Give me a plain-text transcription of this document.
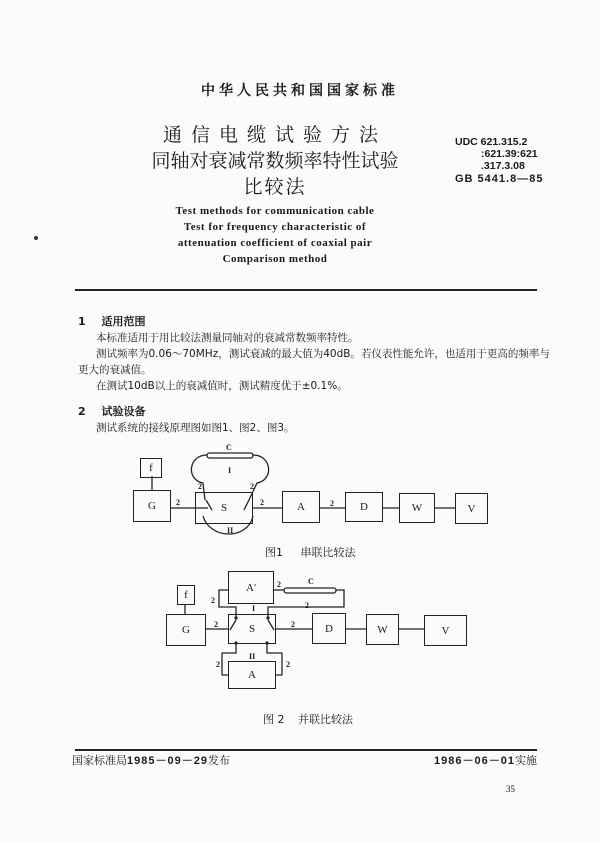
中华人民共和国国家标准
通信电缆试验方法
同轴对衰减常数频率特性试验
比较法
UDC 621.315.2
:621.39:621
.317.3.08
GB 5441.8—85
Test methods for communication cable
Test for frequency characteristic of
attenuation coefficient of coaxial pair
Comparison method
1 适用范围
本标准适用于用比较法测量同轴对的衰减常数频率特性。
测试频率为0.06～70MHz，测试衰减的最大值为40dB。若仪表性能允许，也适用于更高的频率与
更大的衰减值。
在测试10dB以上的衰减值时，测试精度优于±0.1%。
2 试验设备
测试系统的接线原理图如图1、图2、图3。
f
G	S	A	D	W	V
C
I
II
2
2	2
2	2
图1 串联比较法
f
G	S
A'
A
D	W	V
C
I
II
2
2
2
2	2
2	2
图 2 并联比较法
国家标准局1985－09－29发布	1986－06－01实施
35
